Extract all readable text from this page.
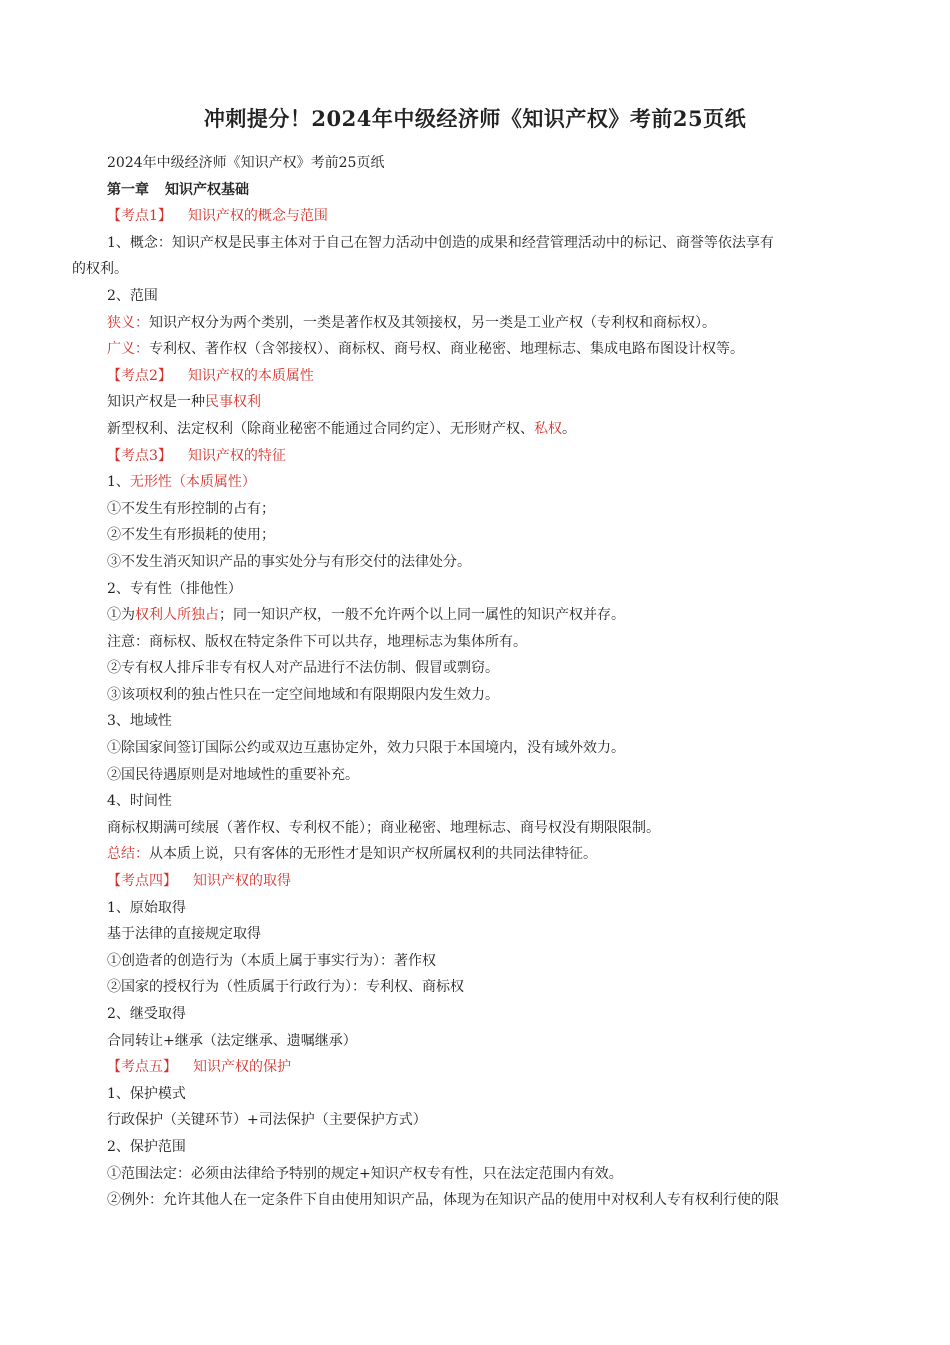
冲刺提分！2024年中级经济师《知识产权》考前25页纸
2024年中级经济师《知识产权》考前25页纸
第一章 知识产权基础
【考点1】 知识产权的概念与范围
1、概念：知识产权是民事主体对于自己在智力活动中创造的成果和经营管理活动中的标记、商誉等依法享有
的权利。
2、范围
狭义：知识产权分为两个类别，一类是著作权及其领接权，另一类是工业产权（专利权和商标权）。
广义：专利权、著作权（含邻接权）、商标权、商号权、商业秘密、地理标志、集成电路布图设计权等。
【考点2】 知识产权的本质属性
知识产权是一种民事权利
新型权利、法定权利（除商业秘密不能通过合同约定）、无形财产权、私权。
【考点3】 知识产权的特征
1、无形性（本质属性）
①不发生有形控制的占有；
②不发生有形损耗的使用；
③不发生消灭知识产品的事实处分与有形交付的法律处分。
2、专有性（排他性）
①为权利人所独占；同一知识产权，一般不允许两个以上同一属性的知识产权并存。
注意：商标权、版权在特定条件下可以共存，地理标志为集体所有。
②专有权人排斥非专有权人对产品进行不法仿制、假冒或剽窃。
③该项权利的独占性只在一定空间地域和有限期限内发生效力。
3、地域性
①除国家间签订国际公约或双边互惠协定外，效力只限于本国境内，没有域外效力。
②国民待遇原则是对地域性的重要补充。
4、时间性
商标权期满可续展（著作权、专利权不能）；商业秘密、地理标志、商号权没有期限限制。
总结：从本质上说，只有客体的无形性才是知识产权所属权利的共同法律特征。
【考点四】 知识产权的取得
1、原始取得
基于法律的直接规定取得
①创造者的创造行为（本质上属于事实行为）：著作权
②国家的授权行为（性质属于行政行为）：专利权、商标权
2、继受取得
合同转让+继承（法定继承、遗嘱继承）
【考点五】 知识产权的保护
1、保护模式
行政保护（关键环节）+司法保护（主要保护方式）
2、保护范围
①范围法定：必须由法律给予特别的规定+知识产权专有性，只在法定范围内有效。
②例外：允许其他人在一定条件下自由使用知识产品，体现为在知识产品的使用中对权利人专有权利行使的限
